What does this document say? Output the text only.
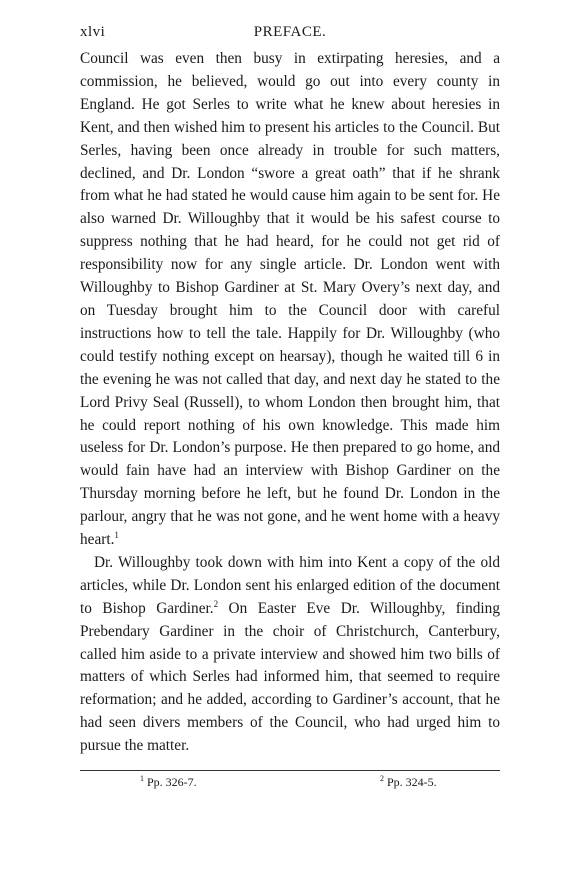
xlvi	PREFACE.

Council was even then busy in extirpating heresies, and a commission, he believed, would go out into every county in England. He got Serles to write what he knew about heresies in Kent, and then wished him to present his articles to the Council. But Serles, having been once already in trouble for such matters, declined, and Dr. London “swore a great oath” that if he shrank from what he had stated he would cause him again to be sent for. He also warned Dr. Willoughby that it would be his safest course to suppress nothing that he had heard, for he could not get rid of responsibility now for any single article. Dr. London went with Willoughby to Bishop Gardiner at St. Mary Overy’s next day, and on Tuesday brought him to the Council door with careful instructions how to tell the tale. Happily for Dr. Willoughby (who could testify nothing except on hearsay), though he waited till 6 in the evening he was not called that day, and next day he stated to the Lord Privy Seal (Russell), to whom London then brought him, that he could report nothing of his own knowledge. This made him useless for Dr. London’s purpose. He then prepared to go home, and would fain have had an interview with Bishop Gardiner on the Thursday morning before he left, but he found Dr. London in the parlour, angry that he was not gone, and he went home with a heavy heart.$^1$

Dr. Willoughby took down with him into Kent a copy of the old articles, while Dr. London sent his enlarged edition of the document to Bishop Gardiner.$^2$ On Easter Eve Dr. Willoughby, finding Prebendary Gardiner in the choir of Christchurch, Canterbury, called him aside to a private interview and showed him two bills of matters of which Serles had informed him, that seemed to require reformation; and he added, according to Gardiner’s account, that he had seen divers members of the Council, who had urged him to pursue the matter.

$^1$ Pp. 326-7.	$^2$ Pp. 324-5.
